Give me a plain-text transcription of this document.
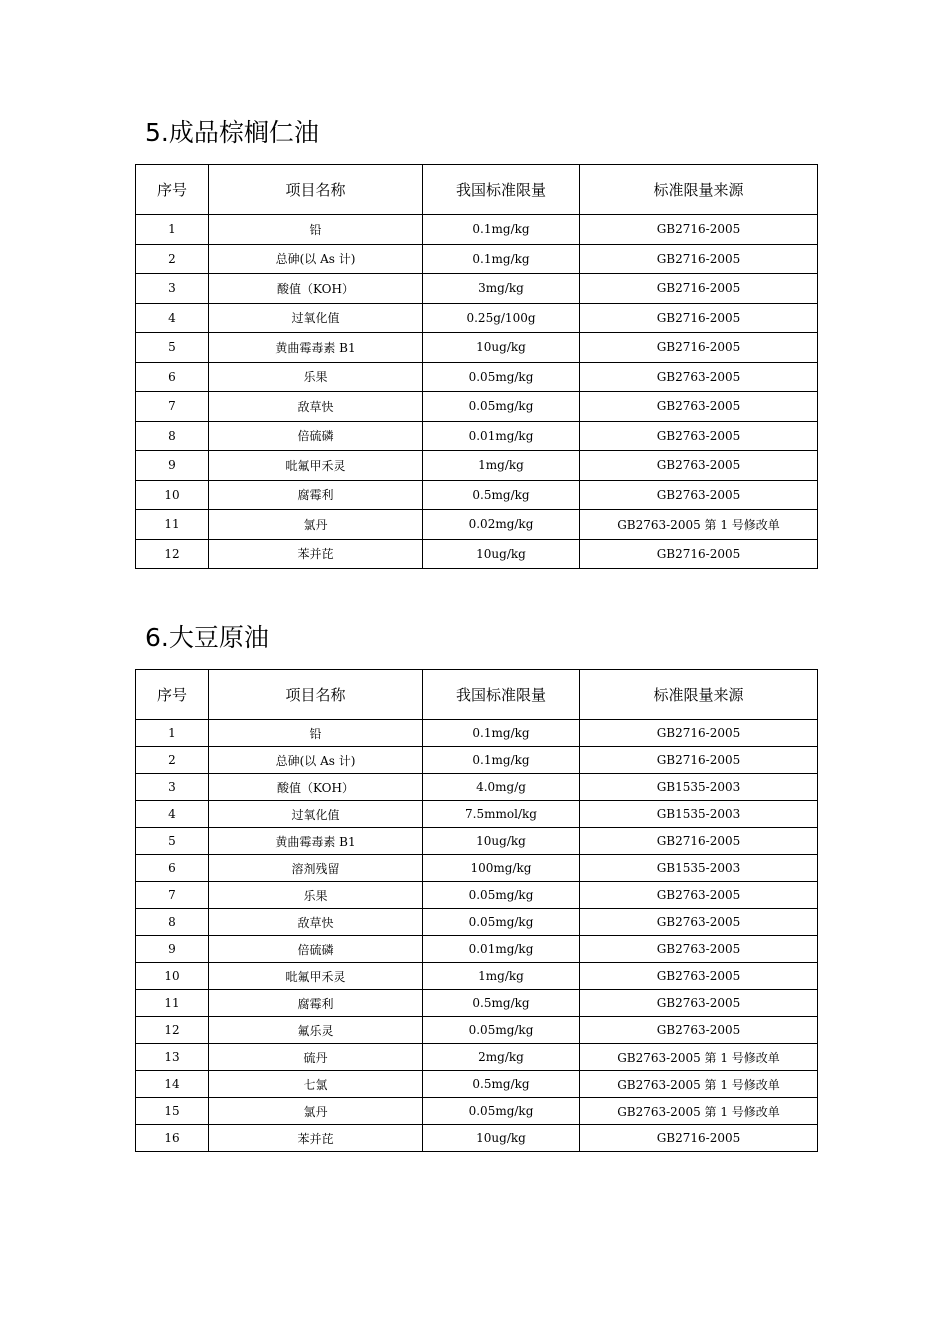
5.成品棕榈仁油
序号	项目名称	我国标准限量	标准限量来源
1	铅	0.1mg/kg	GB2716-2005
2	总砷(以 As 计)	0.1mg/kg	GB2716-2005
3	酸值（KOH）	3mg/kg	GB2716-2005
4	过氧化值	0.25g/100g	GB2716-2005
5	黄曲霉毒素 B1	10ug/kg	GB2716-2005
6	乐果	0.05mg/kg	GB2763-2005
7	敌草快	0.05mg/kg	GB2763-2005
8	倍硫磷	0.01mg/kg	GB2763-2005
9	吡氟甲禾灵	1mg/kg	GB2763-2005
10	腐霉利	0.5mg/kg	GB2763-2005
11	氯丹	0.02mg/kg	GB2763-2005 第 1 号修改单
12	苯并芘	10ug/kg	GB2716-2005
6.大豆原油
序号	项目名称	我国标准限量	标准限量来源
1	铅	0.1mg/kg	GB2716-2005
2	总砷(以 As 计)	0.1mg/kg	GB2716-2005
3	酸值（KOH）	4.0mg/g	GB1535-2003
4	过氧化值	7.5mmol/kg	GB1535-2003
5	黄曲霉毒素 B1	10ug/kg	GB2716-2005
6	溶剂残留	100mg/kg	GB1535-2003
7	乐果	0.05mg/kg	GB2763-2005
8	敌草快	0.05mg/kg	GB2763-2005
9	倍硫磷	0.01mg/kg	GB2763-2005
10	吡氟甲禾灵	1mg/kg	GB2763-2005
11	腐霉利	0.5mg/kg	GB2763-2005
12	氟乐灵	0.05mg/kg	GB2763-2005
13	硫丹	2mg/kg	GB2763-2005 第 1 号修改单
14	七氯	0.5mg/kg	GB2763-2005 第 1 号修改单
15	氯丹	0.05mg/kg	GB2763-2005 第 1 号修改单
16	苯并芘	10ug/kg	GB2716-2005
